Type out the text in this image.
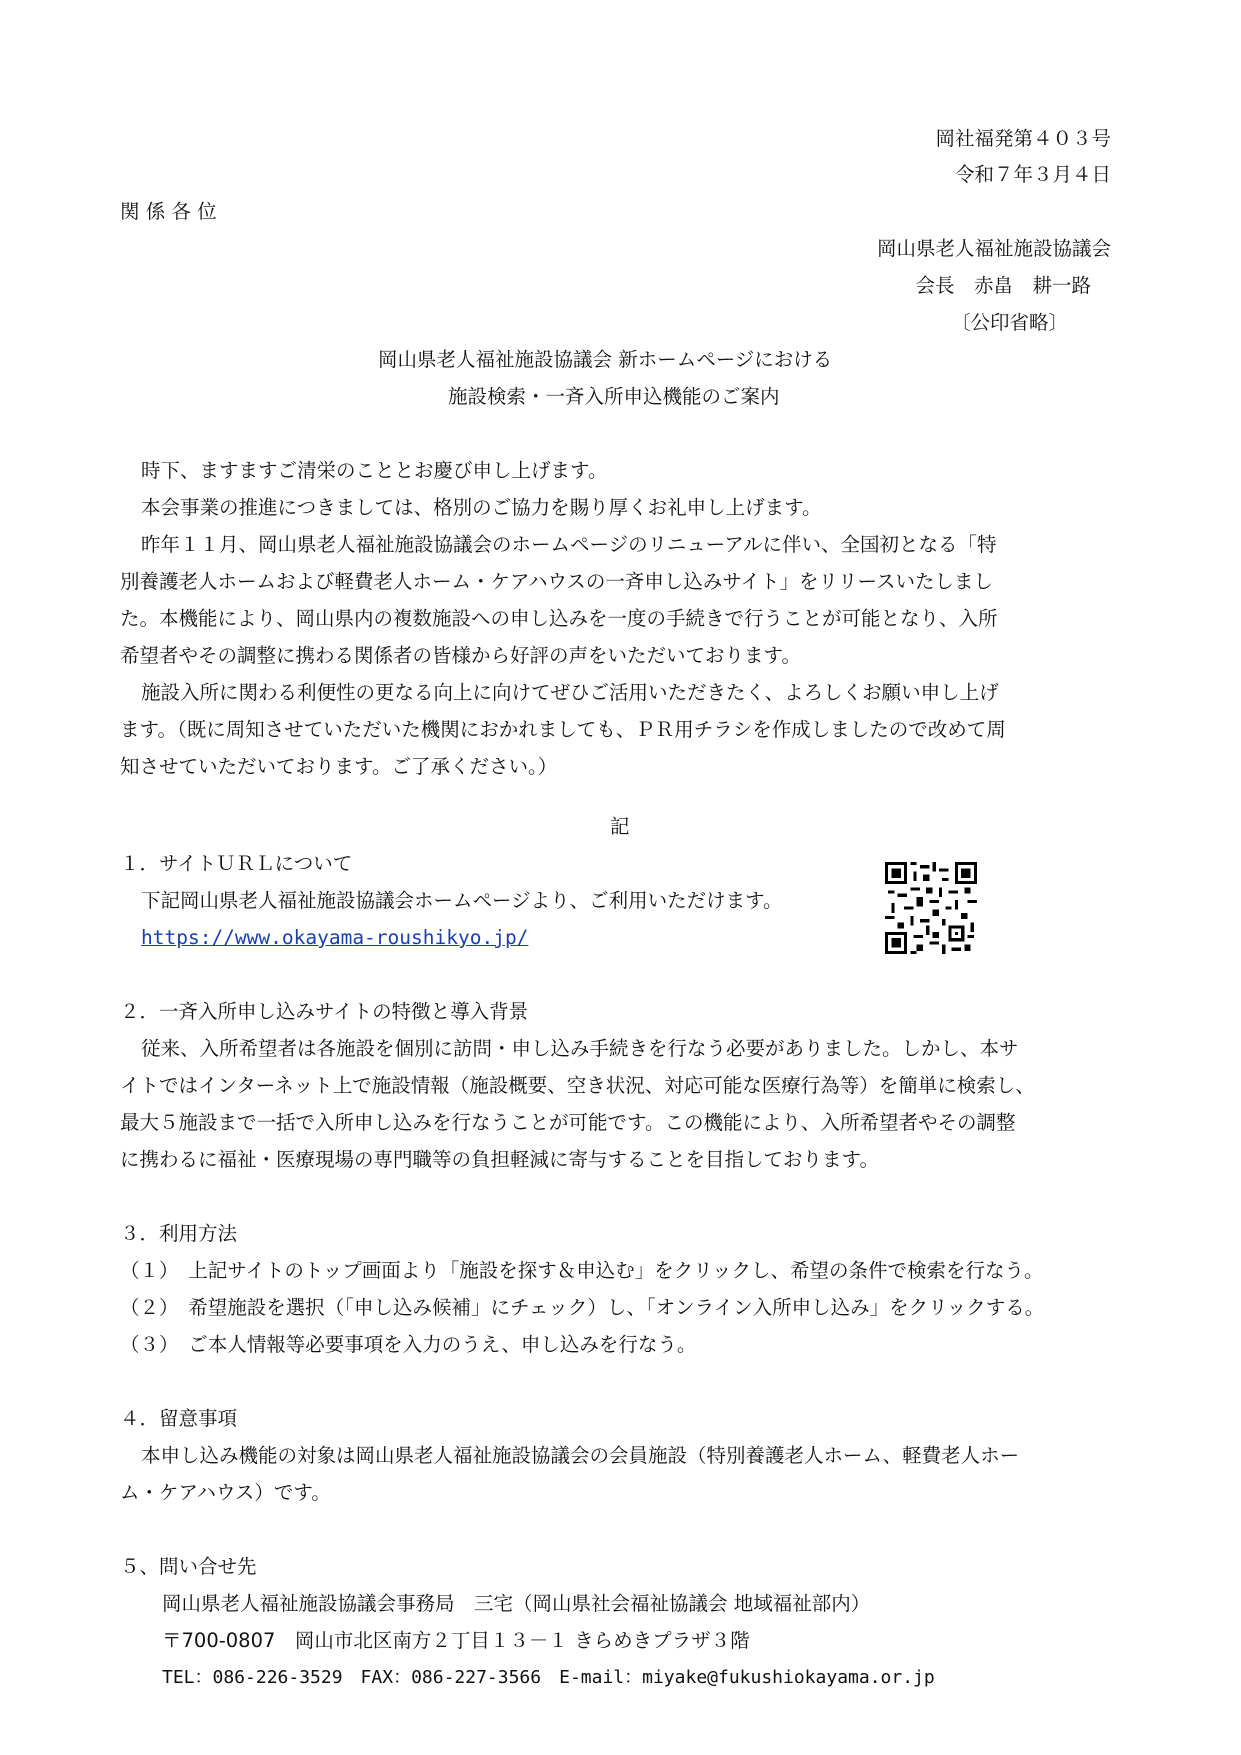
岡社福発第４０３号
令和７年３月４日
関 係 各 位
岡山県老人福祉施設協議会
会長　赤畠　耕一路
〔公印省略〕
岡山県老人福祉施設協議会 新ホームページにおける
施設検索・一斉入所申込機能のご案内
時下、ますますご清栄のこととお慶び申し上げます。
本会事業の推進につきましては、格別のご協力を賜り厚くお礼申し上げます。
昨年１１月、岡山県老人福祉施設協議会のホームページのリニューアルに伴い、全国初となる「特
別養護老人ホームおよび軽費老人ホーム・ケアハウスの一斉申し込みサイト」をリリースいたしまし
た。本機能により、岡山県内の複数施設への申し込みを一度の手続きで行うことが可能となり、入所
希望者やその調整に携わる関係者の皆様から好評の声をいただいております。
施設入所に関わる利便性の更なる向上に向けてぜひご活用いただきたく、よろしくお願い申し上げ
ます。（既に周知させていただいた機関におかれましても、ＰＲ用チラシを作成しましたので改めて周
知させていただいております。ご了承ください。）
記
１．サイトＵＲＬについて
下記岡山県老人福祉施設協議会ホームページより、ご利用いただけます。
https://www.okayama-roushikyo.jp/
２．一斉入所申し込みサイトの特徴と導入背景
従来、入所希望者は各施設を個別に訪問・申し込み手続きを行なう必要がありました。しかし、本サ
イトではインターネット上で施設情報（施設概要、空き状況、対応可能な医療行為等）を簡単に検索し、
最大５施設まで一括で入所申し込みを行なうことが可能です。この機能により、入所希望者やその調整
に携わるに福祉・医療現場の専門職等の負担軽減に寄与することを目指しております。
３．利用方法
（１）　上記サイトのトップ画面より「施設を探す＆申込む」をクリックし、希望の条件で検索を行なう。
（２）　希望施設を選択（「申し込み候補」にチェック）し、「オンライン入所申し込み」をクリックする。
（３）　ご本人情報等必要事項を入力のうえ、申し込みを行なう。
４．留意事項
本申し込み機能の対象は岡山県老人福祉施設協議会の会員施設（特別養護老人ホーム、軽費老人ホー
ム・ケアハウス）です。
５、問い合せ先
岡山県老人福祉施設協議会事務局　三宅（岡山県社会福祉協議会 地域福祉部内）
〒700-0807　岡山市北区南方２丁目１３－１ きらめきプラザ３階
TEL：086-226-3529　FAX：086-227-3566　E-mail：miyake@fukushiokayama.or.jp
